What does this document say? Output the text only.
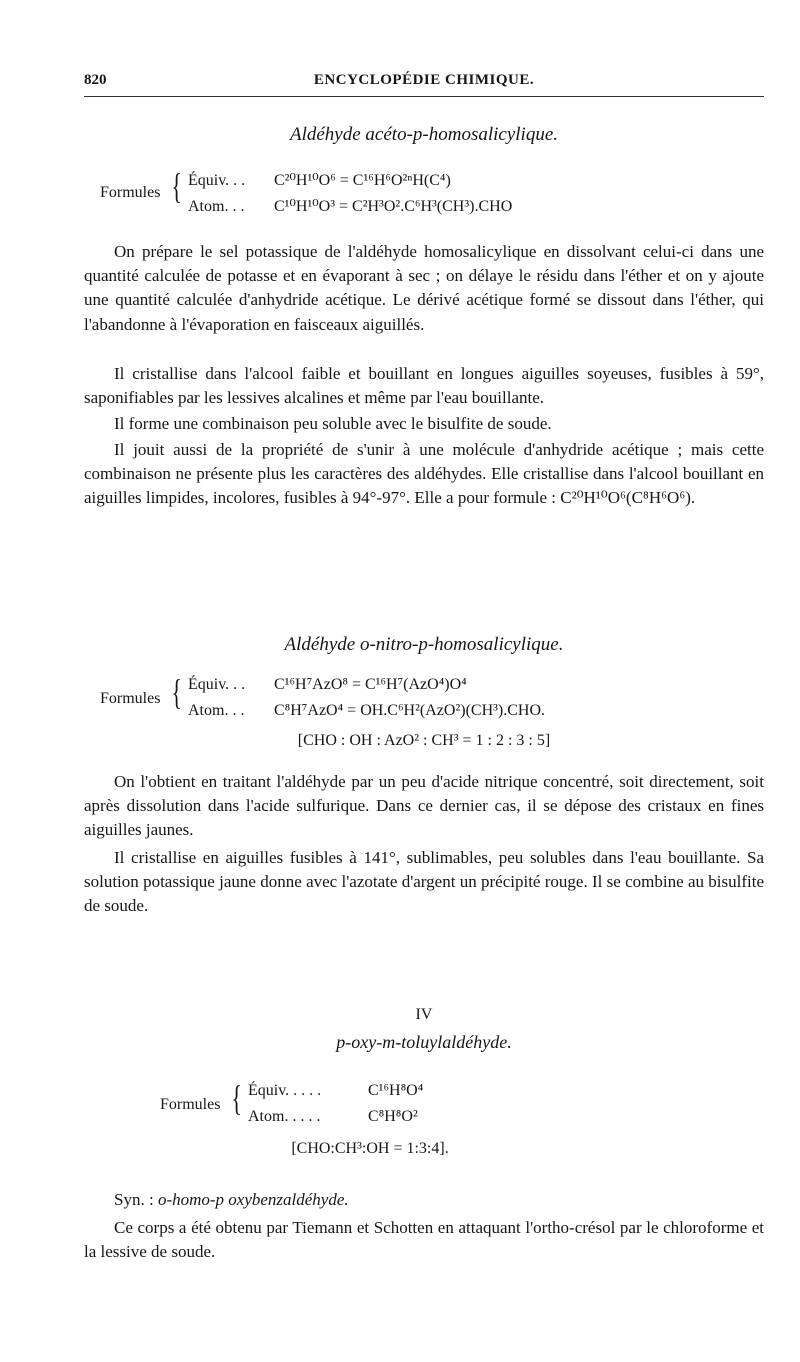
820	ENCYCLOPÉDIE CHIMIQUE.
Aldéhyde acéto-p-homosalicylique.
Formules { Équiv. . . C²⁰H¹⁰O⁶ = C¹⁶H⁶O²ⁿH(C⁴)
Atom. . . C¹⁰H¹⁰O³ = C²H³O².C⁶H³(CH³).CHO

On prépare le sel potassique de l'aldéhyde homosalicylique en dissolvant celui-ci dans une quantité calculée de potasse et en évaporant à sec ; on délaye le résidu dans l'éther et on y ajoute une quantité calculée d'anhydride acétique. Le dérivé acétique formé se dissout dans l'éther, qui l'abandonne à l'évaporation en faisceaux aiguillés.

Il cristallise dans l'alcool faible et bouillant en longues aiguilles soyeuses, fusibles à 59°, saponifiables par les lessives alcalines et même par l'eau bouillante.

Il forme une combinaison peu soluble avec le bisulfite de soude.

Il jouit aussi de la propriété de s'unir à une molécule d'anhydride acétique ; mais cette combinaison ne présente plus les caractères des aldéhydes. Elle cristallise dans l'alcool bouillant en aiguilles limpides, incolores, fusibles à 94°-97°. Elle a pour formule : C²⁰H¹⁰O⁶(C⁸H⁶O⁶).

Aldéhyde o-nitro-p-homosalicylique.
Formules { Équiv. . . C¹⁶H⁷AzO⁸ = C¹⁶H⁷(AzO⁴)O⁴
Atom. . . C⁸H⁷AzO⁴ = OH.C⁶H²(AzO²)(CH³).CHO.
[CHO : OH : AzO² : CH³ = 1 : 2 : 3 : 5]

On l'obtient en traitant l'aldéhyde par un peu d'acide nitrique concentré, soit directement, soit après dissolution dans l'acide sulfurique. Dans ce dernier cas, il se dépose des cristaux en fines aiguilles jaunes.

Il cristallise en aiguilles fusibles à 141°, sublimables, peu solubles dans l'eau bouillante. Sa solution potassique jaune donne avec l'azotate d'argent un précipité rouge. Il se combine au bisulfite de soude.

IV
p-oxy-m-toluylaldéhyde.
Formules { Équiv. . . . .	C¹⁶H⁸O⁴
Atom. . . . .	C⁸H⁸O²
[CHO:CH³:OH = 1:3:4].
Syn. : o-homo-p oxybenzaldéhyde.

Ce corps a été obtenu par Tiemann et Schotten en attaquant l'ortho-crésol par le chloroforme et la lessive de soude.
